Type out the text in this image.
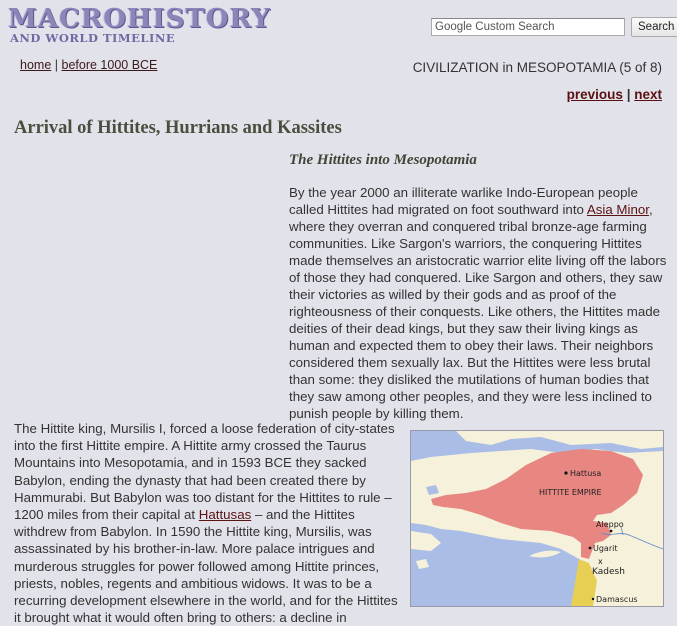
MACROHISTORY
AND WORLD TIMELINE
Google Custom Search
Search
home | before 1000 BCE	CIVILIZATION in MESOPOTAMIA (5 of 8)
previous | next
Arrival of Hittites, Hurrians and Kassites
The Hittites into Mesopotamia

By the year 2000 an illiterate warlike Indo-European people called Hittites had migrated on foot southward into Asia Minor, where they overran and conquered tribal bronze-age farming communities. Like Sargon's warriors, the conquering Hittites made themselves an aristocratic warrior elite living off the labors of those they had conquered. Like Sargon and others, they saw their victories as willed by their gods and as proof of the righteousness of their conquests. Like others, the Hittites made deities of their dead kings, but they saw their living kings as human and expected them to obey their laws. Their neighbors considered them sexually lax. But the Hittites were less brutal than some: they disliked the mutilations of human bodies that they saw among other peoples, and they were less inclined to punish people by killing them.

The Hittite king, Mursilis I, forced a loose federation of city-states into the first Hittite empire. A Hittite army crossed the Taurus Mountains into Mesopotamia, and in 1593 BCE they sacked Babylon, ending the dynasty that had been created there by Hammurabi. But Babylon was too distant for the Hittites to rule – 1200 miles from their capital at Hattusas – and the Hittites withdrew from Babylon. In 1590 the Hittite king, Mursilis, was assassinated by his brother-in-law. More palace intrigues and murderous struggles for power followed among Hittite princes, priests, nobles, regents and ambitious widows. It was to be a recurring development elsewhere in the world, and for the Hittites it brought what it would often bring to others: a decline in

Hattusa
HITTITE EMPIRE
Aleppo
Ugarit
x
Kadesh
Damascus
